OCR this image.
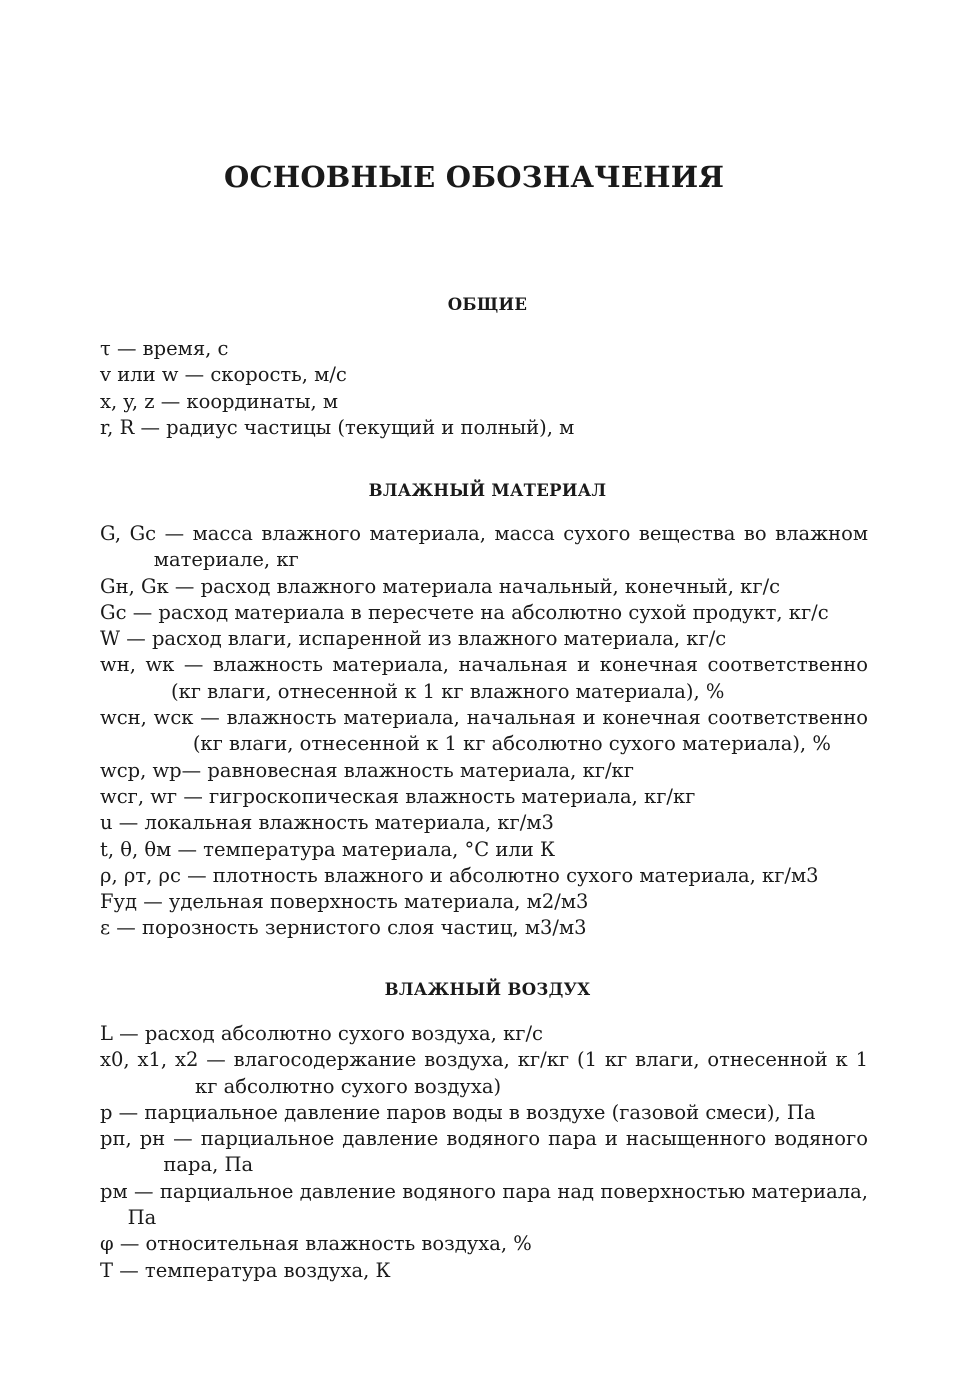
ОСНОВНЫЕ ОБОЗНАЧЕНИЯ
ОБЩИЕ

τ — время, с

v или w — скорость, м/с

x, y, z — координаты, м

r, R — радиус частицы (текущий и полный), м

ВЛАЖНЫЙ МАТЕРИАЛ

G, Gс — масса влажного материала, масса сухого вещества во влажном материале, кг

Gн, Gк — расход влажного материала начальный, конечный, кг/с

Gс — расход материала в пересчете на абсолютно сухой продукт, кг/с

W — расход влаги, испаренной из влажного материала, кг/с

wн, wк — влажность материала, начальная и конечная соответственно (кг влаги, отнесенной к 1 кг влажного материала), %

wсн, wск — влажность материала, начальная и конечная соответственно (кг влаги, отнесенной к 1 кг абсолютно сухого материала), %

wср, wр— равновесная влажность материала, кг/кг

wсг, wг — гигроскопическая влажность материала, кг/кг

u — локальная влажность материала, кг/м3

t, θ, θм — температура материала, °С или К

ρ, ρт, ρс — плотность влажного и абсолютно сухого материала, кг/м3

Fуд — удельная поверхность материала, м2/м3

ε — порозность зернистого слоя частиц, м3/м3

ВЛАЖНЫЙ ВОЗДУХ

L — расход абсолютно сухого воздуха, кг/с

x0, x1, x2 — влагосодержание воздуха, кг/кг (1 кг влаги, отнесенной к 1 кг абсолютно сухого воздуха)

p — парциальное давление паров воды в воздухе (газовой смеси), Па

pп, pн — парциальное давление водяного пара и насыщенного водяного пара, Па

pм — парциальное давление водяного пара над поверхностью материала, Па

φ — относительная влажность воздуха, %

T — температура воздуха, К
